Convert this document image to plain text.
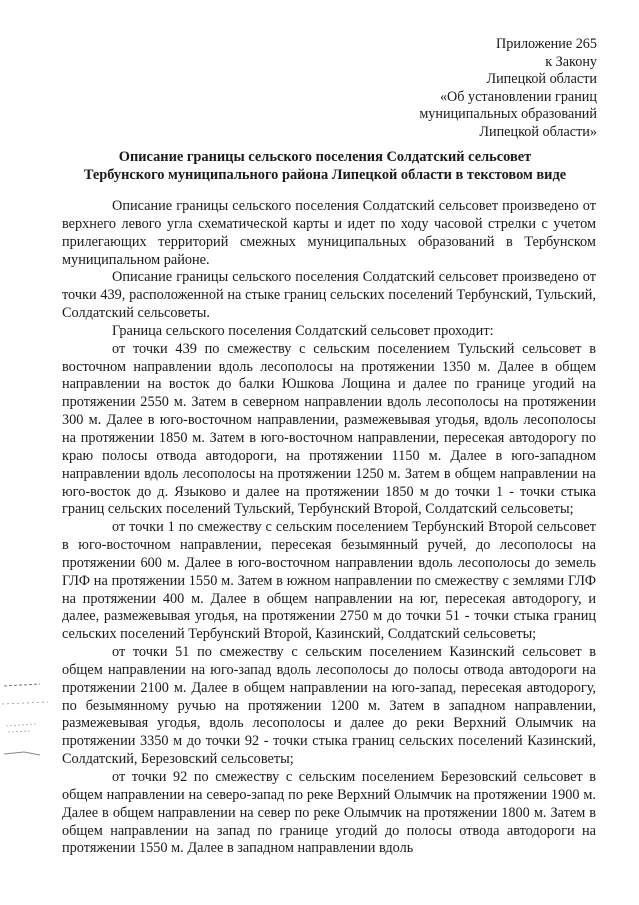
Приложение 265
к Закону
Липецкой области
«Об установлении границ
муниципальных образований
Липецкой области»
Описание границы сельского поселения Солдатский сельсовет
Тербунского муниципального района Липецкой области в текстовом виде

Описание границы сельского поселения Солдатский сельсовет произведено от верхнего левого угла схематической карты и идет по ходу часовой стрелки с учетом прилегающих территорий смежных муниципальных образований в Тербунском муниципальном районе.

Описание границы сельского поселения Солдатский сельсовет произведено от точки 439, расположенной на стыке границ сельских поселений Тербунский, Тульский, Солдатский сельсоветы.

Граница сельского поселения Солдатский сельсовет проходит:

от точки 439 по смежеству с сельским поселением Тульский сельсовет в восточном направлении вдоль лесополосы на протяжении 1350 м. Далее в общем направлении на восток до балки Юшкова Лощина и далее по границе угодий на протяжении 2550 м. Затем в северном направлении вдоль лесополосы на протяжении 300 м. Далее в юго-восточном направлении, размежевывая угодья, вдоль лесополосы на протяжении 1850 м. Затем в юго-восточном направлении, пересекая автодорогу по краю полосы отвода автодороги, на протяжении 1150 м. Далее в юго-западном направлении вдоль лесополосы на протяжении 1250 м. Затем в общем направлении на юго-восток до д. Языково и далее на протяжении 1850 м до точки 1 - точки стыка границ сельских поселений Тульский, Тербунский Второй, Солдатский сельсоветы;

от точки 1 по смежеству с сельским поселением Тербунский Второй сельсовет в юго-восточном направлении, пересекая безымянный ручей, до лесополосы на протяжении 600 м. Далее в юго-восточном направлении вдоль лесополосы до земель ГЛФ на протяжении 1550 м. Затем в южном направлении по смежеству с землями ГЛФ на протяжении 400 м. Далее в общем направлении на юг, пересекая автодорогу, и далее, размежевывая угодья, на протяжении 2750 м до точки 51 - точки стыка границ сельских поселений Тербунский Второй, Казинский, Солдатский сельсоветы;

от точки 51 по смежеству с сельским поселением Казинский сельсовет в общем направлении на юго-запад вдоль лесополосы до полосы отвода автодороги на протяжении 2100 м. Далее в общем направлении на юго-запад, пересекая автодорогу, по безымянному ручью на протяжении 1200 м. Затем в западном направлении, размежевывая угодья, вдоль лесополосы и далее до реки Верхний Олымчик на протяжении 3350 м до точки 92 - точки стыка границ сельских поселений Казинский, Солдатский, Березовский сельсоветы;

от точки 92 по смежеству с сельским поселением Березовский сельсовет в общем направлении на северо-запад по реке Верхний Олымчик на протяжении 1900 м. Далее в общем направлении на север по реке Олымчик на протяжении 1800 м. Затем в общем направлении на запад по границе угодий до полосы отвода автодороги на протяжении 1550 м. Далее в западном направлении вдоль
